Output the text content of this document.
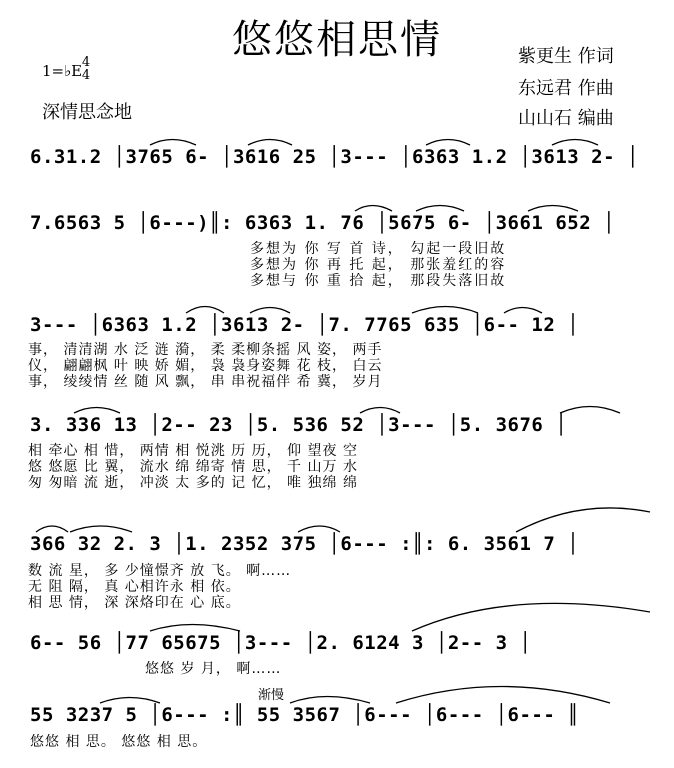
悠悠相思情
1=♭E 4
4
深情思念地
紫更生 作词
东远君 作曲
山山石 编曲
6.31.2 │3765 6- │3616 25 │3--- │6363 1.2 │3613 2- │
7.6563 5 │6---)║: 6363 1. 76 │5675 6- │3661 652 │
多想为 你 写 首 诗， 勾起一段旧故
多想为 你 再 托 起， 那张羞红的容
多想与 你 重 拾 起， 那段失落旧故
3--- │6363 1.2 │3613 2- │7. 7765 635 │6-- 12 │
事， 清清湖 水 泛 涟 漪， 柔 柔柳条摇 风 姿， 两手
仪， 翩翩枫 叶 映 娇 媚， 袅 袅身姿舞 花 枝， 白云
事， 绫绫情 丝 随 风 飘， 串 串祝福伴 希 冀， 岁月
3. 336 13 │2-- 23 │5. 536 52 │3--- │5. 3676 │
相 牵心 相 惜， 两情 相 悦洮 历 历， 仰 望夜 空
悠 悠愿 比 翼， 流水 绵 绵寄 情 思， 千 山万 水
匆 匆暗 流 逝， 冲淡 太 多的 记 忆， 唯 独绵 绵
366 32 2. 3 │1. 2352 375 │6--- :║: 6. 3561 7 │
数 流 星， 多 少憧憬齐 放 飞。 啊……
无 阻 隔， 真 心相许永 相 依。
相 思 情， 深 深烙印在 心 底。
6-- 56 │77 65675 │3--- │2. 6124 3 │2-- 3 │
悠悠 岁 月， 啊……
渐慢
55 3237 5 │6--- :║ 55 3567 │6--- │6--- │6--- ║
悠悠 相 思。 悠悠 相 思。
